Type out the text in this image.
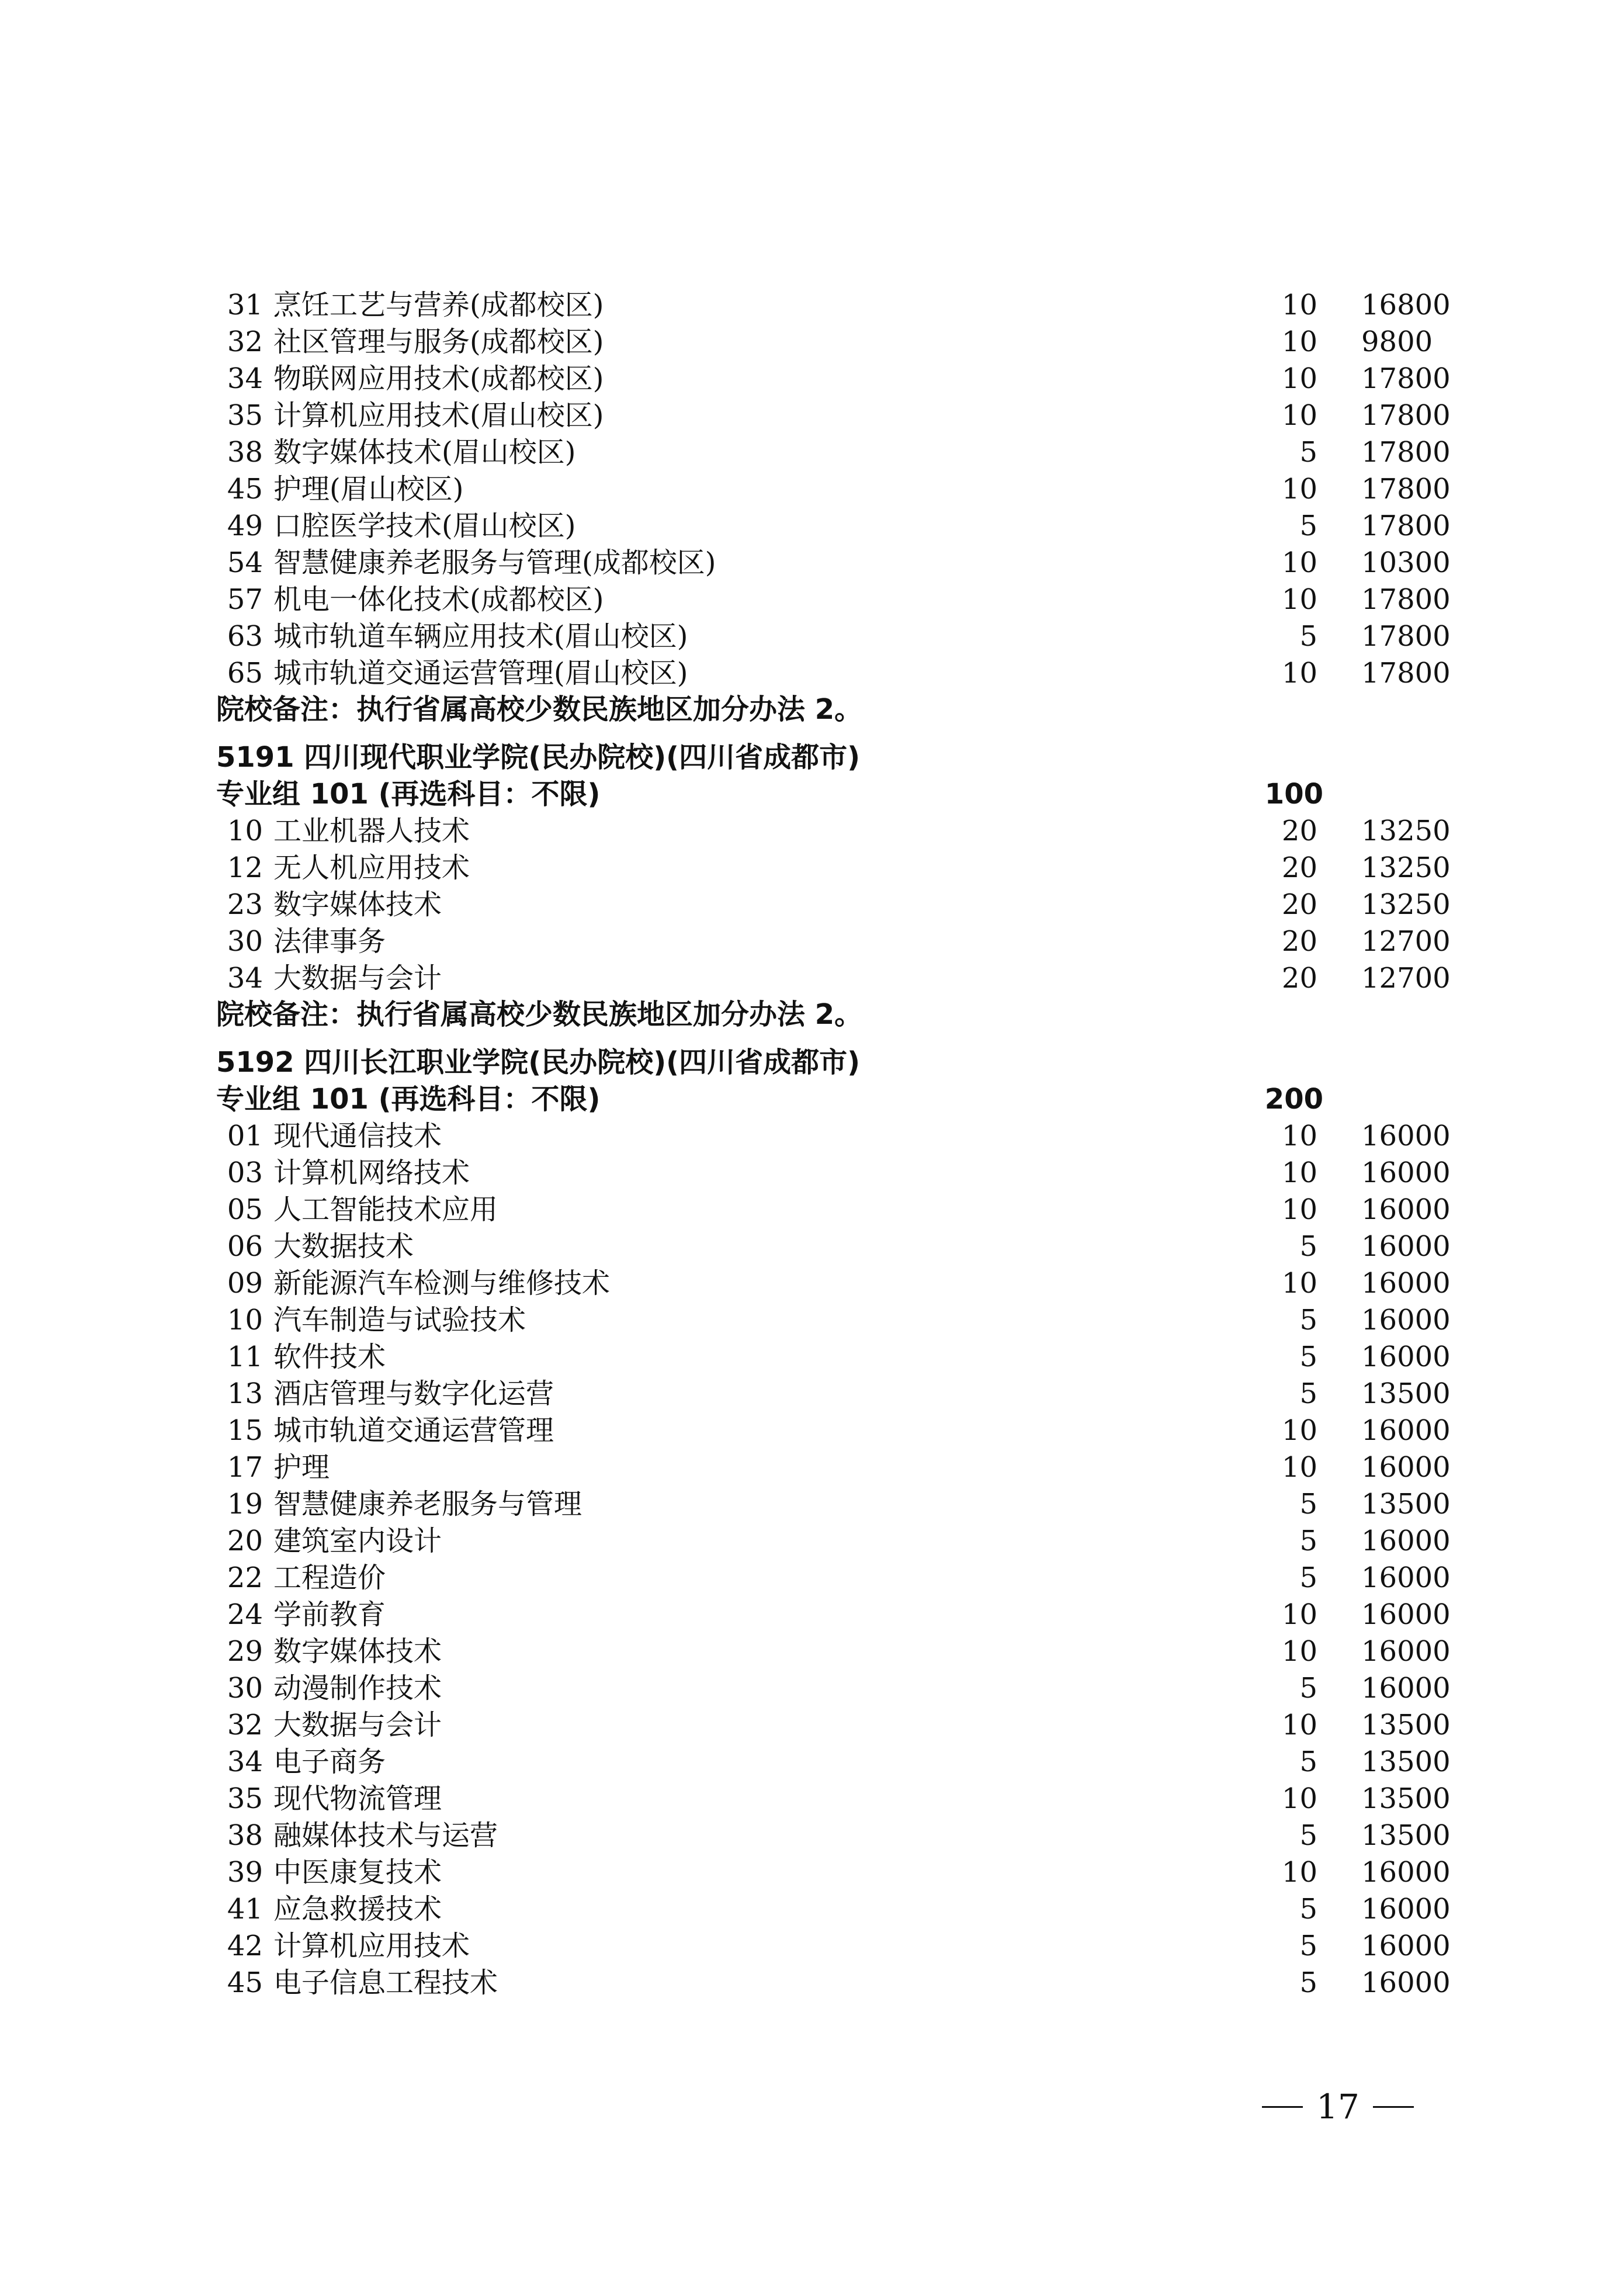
31 烹饪工艺与营养(成都校区)	10 16800
32 社区管理与服务(成都校区)	10 9800
34 物联网应用技术(成都校区)	10 17800
35 计算机应用技术(眉山校区)	10 17800
38 数字媒体技术(眉山校区)	5 17800
45 护理(眉山校区)	10 17800
49 口腔医学技术(眉山校区)	5 17800
54 智慧健康养老服务与管理(成都校区)	10 10300
57 机电一体化技术(成都校区)	10 17800
63 城市轨道车辆应用技术(眉山校区)	5 17800
65 城市轨道交通运营管理(眉山校区)	10 17800
院校备注：执行省属高校少数民族地区加分办法 2。
5191 四川现代职业学院(民办院校)(四川省成都市)
专业组 101 (再选科目：不限)	100
10 工业机器人技术	20 13250
12 无人机应用技术	20 13250
23 数字媒体技术	20 13250
30 法律事务	20 12700
34 大数据与会计	20 12700
院校备注：执行省属高校少数民族地区加分办法 2。
5192 四川长江职业学院(民办院校)(四川省成都市)
专业组 101 (再选科目：不限)	200
01 现代通信技术	10 16000
03 计算机网络技术	10 16000
05 人工智能技术应用	10 16000
06 大数据技术	5 16000
09 新能源汽车检测与维修技术	10 16000
10 汽车制造与试验技术	5 16000
11 软件技术	5 16000
13 酒店管理与数字化运营	5 13500
15 城市轨道交通运营管理	10 16000
17 护理	10 16000
19 智慧健康养老服务与管理	5 13500
20 建筑室内设计	5 16000
22 工程造价	5 16000
24 学前教育	10 16000
29 数字媒体技术	10 16000
30 动漫制作技术	5 16000
32 大数据与会计	10 13500
34 电子商务	5 13500
35 现代物流管理	10 13500
38 融媒体技术与运营	5 13500
39 中医康复技术	10 16000
41 应急救援技术	5 16000
42 计算机应用技术	5 16000
45 电子信息工程技术	5 16000
17
